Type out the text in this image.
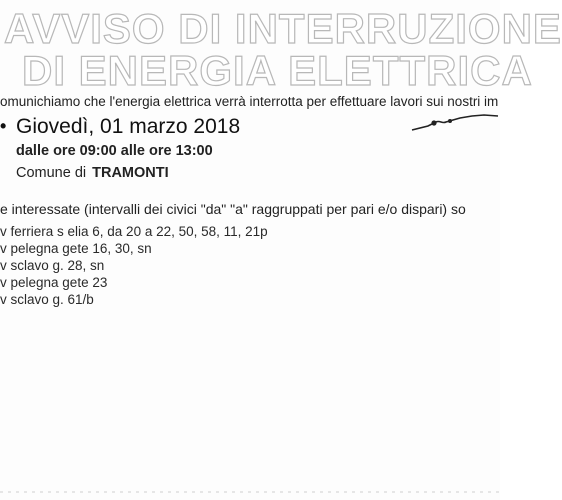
AVVISO DI INTERRUZIONE
DI ENERGIA ELETTRICA
omunichiamo che l'energia elettrica verrà interrotta per effettuare lavori sui nostri im
• Giovedì, 01 marzo 2018
dalle ore 09:00 alle ore 13:00
Comune di TRAMONTI
e interessate (intervalli dei civici "da" "a" raggruppati per pari e/o dispari) so
v ferriera s elia 6, da 20 a 22, 50, 58, 11, 21p
v pelegna gete 16, 30, sn
v sclavo g. 28, sn
v pelegna gete 23
v sclavo g. 61/b
